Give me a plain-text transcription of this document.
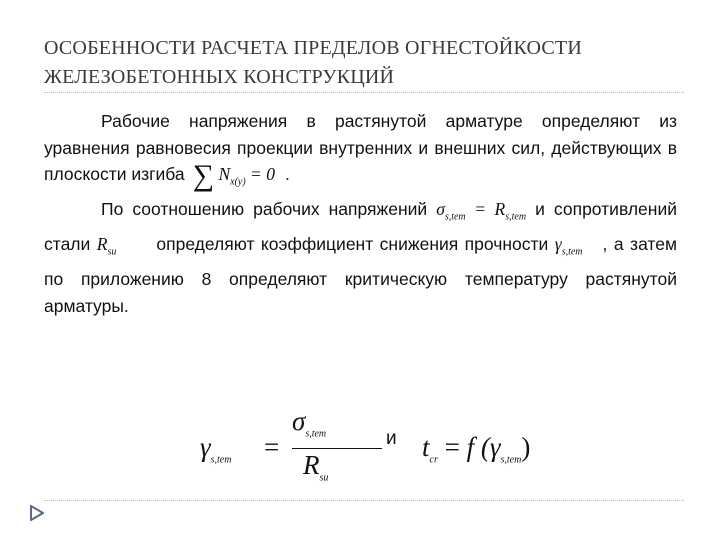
ОСОБЕННОСТИ РАСЧЕТА ПРЕДЕЛОВ ОГНЕСТОЙКОСТИ
ЖЕЛЕЗОБЕТОННЫХ КОНСТРУКЦИЙ

Рабочие напряжения в растянутой арматуре определяют из уравнения равновесия проекции внутренних и внешних сил, действующих в плоскости изгиба ∑ $N_{x(y)} = 0$ .

По соотношению рабочих напряжений $\sigma_{s,tem} = R_{s,tem}$ и сопротивлений стали $R_{su}$ определяют коэффициент снижения прочности $\gamma_{s,tem}$ , а затем по приложению 8 определяют критическую температуру растянутой арматуры.

$\gamma_{s,tem}$ =
$\sigma_{s,tem}$
$R_{su}$
и $t_{cr} = f$ $(\gamma_{s,tem})$
